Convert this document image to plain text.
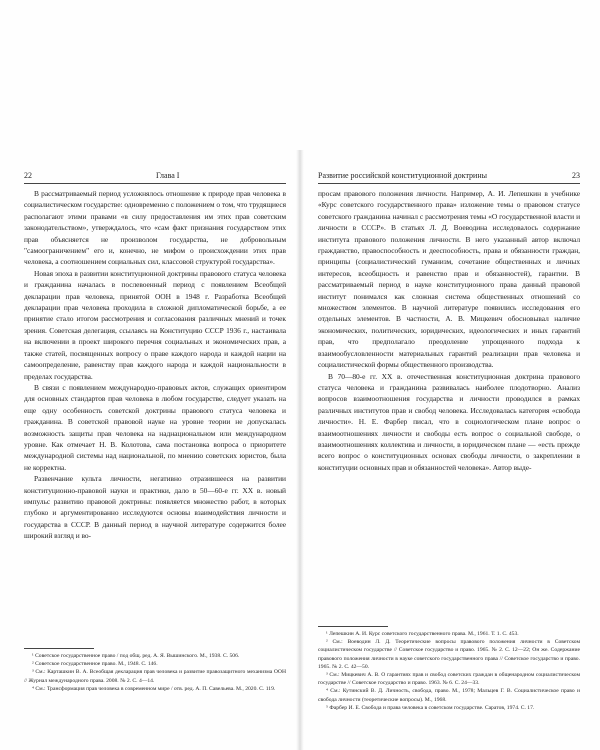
22	Глава I

В рассматриваемый период усложнялось отношение к природе прав человека в социалистическом государстве: одновременно с положением о том, что трудящиеся располагают этими правами «в силу предоставления им этих прав советским законодательством», утверждалось, что «сам факт признания государством этих прав объясняется не произволом государства, не добровольным "самоограничением" его и, конечно, не мифом о происхождении этих прав человека, а соотношением социальных сил, классовой структурой государства».

Новая эпоха в развитии конституционной доктрины правового статуса человека и гражданина началась в послевоенный период с появлением Всеобщей декларации прав человека, принятой ООН в 1948 г. Разработка Всеобщей декларации прав человека проходила в сложной дипломатической борьбе, а ее принятие стало итогом рассмотрения и согласования различных мнений и точек зрения. Советская делегация, ссылаясь на Конституцию СССР 1936 г., настаивала на включении в проект широкого перечня социальных и экономических прав, а также статей, посвященных вопросу о праве каждого народа и каждой нации на самоопределение, равенству прав каждого народа и каждой национальности в пределах государства.

В связи с появлением международно-правовых актов, служащих ориентиром для основных стандартов прав человека в любом государстве, следует указать на еще одну особенность советской доктрины правового статуса человека и гражданина. В советской правовой науке на уровне теории не допускалась возможность защиты прав человека на наднациональном или международном уровне. Как отмечает Н. В. Колотова, сама постановка вопроса о приоритете международной системы над национальной, по мнению советских юристов, была не корректна.

Развенчание культа личности, негативно отразившееся на развитии конституционно-правовой науки и практики, дало в 50—60-е гг. XX в. новый импульс развитию правовой доктрины: появляется множество работ, в которых глубоко и аргументированно исследуются основы взаимодействия личности и государства в СССР. В данный период в научной литературе содержится более широкий взгляд и во-

¹ Советское государственное право / под общ. ред. А. Я. Вышинского. М., 1938. С. 506.

² Советское государственное право. М., 1948. С. 146.

³ См.: Карташкин В. А. Всеобщая декларация прав человека и развитие правозащитного механизма ООН // Журнал международного права. 2008. № 2. С. 4—14.

⁴ См.: Трансформация прав человека в современном мире / отв. ред. А. П. Савельева. М., 2020. С. 119.

Развитие российской конституционной доктрины	23

просам правового положения личности. Например, А. И. Лепешкин в учебнике «Курс советского государственного права» изложение темы о правовом статусе советского гражданина начинал с рассмотрения темы «О государственной власти и личности в СССР». В статьях Л. Д. Воеводина исследовалось содержание института правового положения личности. В него указанный автор включал гражданство, правоспособность и дееспособность, права и обязанности граждан, принципы (социалистический гуманизм, сочетание общественных и личных интересов, всеобщность и равенство прав и обязанностей), гарантии. В рассматриваемый период в науке конституционного права данный правовой институт понимался как сложная система общественных отношений со множеством элементов. В научной литературе появились исследования его отдельных элементов. В частности, А. В. Мицкевич обосновывал наличие экономических, политических, юридических, идеологических и иных гарантий прав, что предполагало преодоление упрощенного подхода к взаимообусловленности материальных гарантий реализации прав человека и социалистической формы общественного производства.

В 70—80-е гг. XX в. отечественная конституционная доктрина правового статуса человека и гражданина развивалась наиболее плодотворно. Анализ вопросов взаимоотношения государства и личности проводился в рамках различных институтов прав и свобод человека. Исследовалась категория «свобода личности». Н. Е. Фарбер писал, что в социологическом плане вопрос о взаимоотношениях личности и свободы есть вопрос о социальной свободе, о взаимоотношениях коллектива и личности, в юридическом плане — «есть прежде всего вопрос о конституционных основах свободы личности, о закреплении в конституции основных прав и обязанностей человека». Автор выде-

¹ Лепешкин А. И. Курс советского государственного права. М., 1961. Т. 1. С. 453.

² См.: Воеводин Л. Д. Теоретические вопросы правового положения личности в Советском социалистическом государстве // Советское государство и право. 1965. № 2. С. 12—22; Он же. Содержание правового положения личности в науке советского государственного права // Советское государство и право. 1965. № 2. С. 42—50.

³ См.: Мицкевич А. В. О гарантиях прав и свобод советских граждан в общенародном социалистическом государстве // Советское государство и право. 1963. № 6. С. 24—33.

⁴ См.: Кутинский В. Д. Личность, свобода, право. М., 1978; Мальцев Г. В. Социалистическое право и свобода личности (теоретические вопросы). М., 1968.

⁵ Фарбер И. Е. Свобода и права человека в советском государстве. Саратов, 1974. С. 17.
